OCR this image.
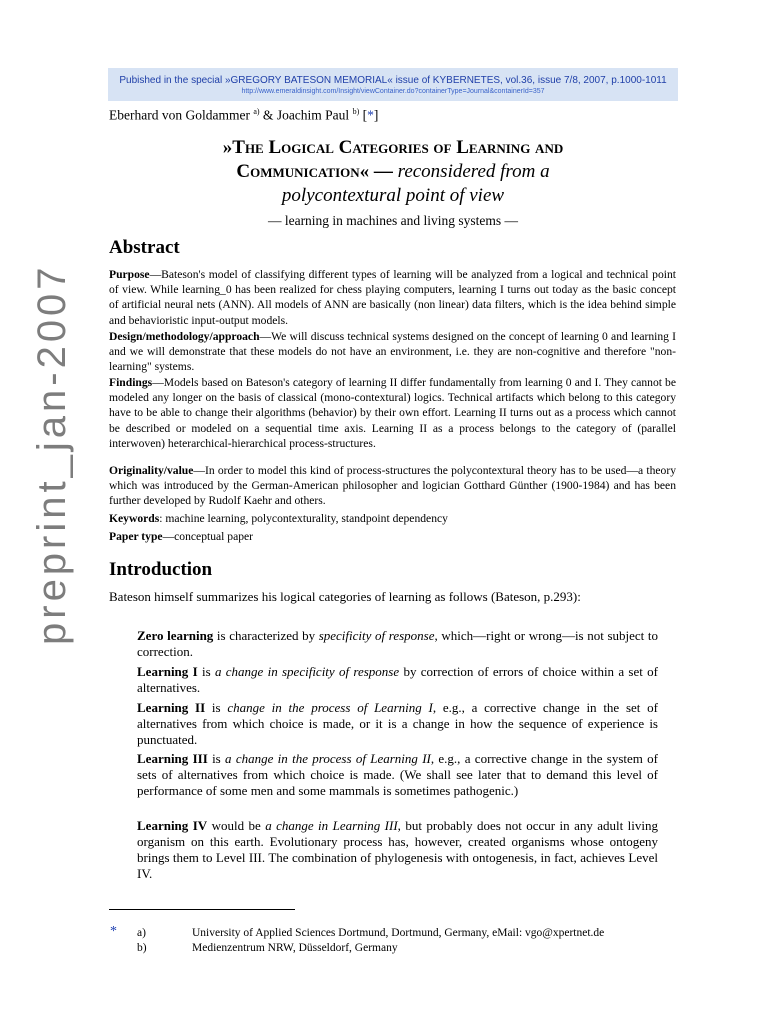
Pubished in the special »GREGORY BATESON MEMORIAL« issue of KYBERNETES, vol.36, issue 7/8, 2007, p.1000-1011
http://www.emeraldinsight.com/Insight/viewContainer.do?containerType=Journal&containerId=357
preprint_jan-2007
Eberhard von Goldammer $^{a)}$ & Joachim Paul $^{b)}$ [*]
»The Logical Categories of Learning and
Communication« — reconsidered from a
polycontextural point of view
— learning in machines and living systems —
Abstract
Purpose—Bateson's model of classifying different types of learning will be analyzed from a logical and technical point of view. While learning_0 has been realized for chess playing computers, learning I turns out today as the basic concept of artificial neural nets (ANN). All models of ANN are basically (non linear) data filters, which is the idea behind simple and behavioristic input-output models.
Design/methodology/approach—We will discuss technical systems designed on the concept of learning 0 and learning I and we will demonstrate that these models do not have an environment, i.e. they are non-cognitive and therefore "non-learning" systems.
Findings—Models based on Bateson's category of learning II differ fundamentally from learning 0 and I. They cannot be modeled any longer on the basis of classical (mono-contextural) logics. Technical artifacts which belong to this category have to be able to change their algorithms (behavior) by their own effort. Learning II turns out as a process which cannot be described or modeled on a sequential time axis. Learning II as a process belongs to the category of (parallel interwoven) heterarchical-hierarchical process-structures.
Originality/value—In order to model this kind of process-structures the polycontextural theory has to be used—a theory which was introduced by the German-American philosopher and logician Gotthard Günther (1900-1984) and has been further developed by Rudolf Kaehr and others.
Keywords: machine learning, polycontexturality, standpoint dependency
Paper type—conceptual paper
Introduction
Bateson himself summarizes his logical categories of learning as follows (Bateson, p.293):
Zero learning is characterized by specificity of response, which—right or wrong—is not subject to correction.
Learning I is a change in specificity of response by correction of errors of choice within a set of alternatives.
Learning II is change in the process of Learning I, e.g., a corrective change in the set of alternatives from which choice is made, or it is a change in how the sequence of experience is punctuated.
Learning III is a change in the process of Learning II, e.g., a corrective change in the system of sets of alternatives from which choice is made. (We shall see later that to demand this level of performance of some men and some mammals is sometimes pathogenic.)
Learning IV would be a change in Learning III, but probably does not occur in any adult living organism on this earth. Evolutionary process has, however, created organisms whose ontogeny brings them to Level III. The combination of phylogenesis with ontogenesis, in fact, achieves Level IV.
* a)	University of Applied Sciences Dortmund, Dortmund, Germany, eMail: vgo@xpertnet.de
b)	Medienzentrum NRW, Düsseldorf, Germany
